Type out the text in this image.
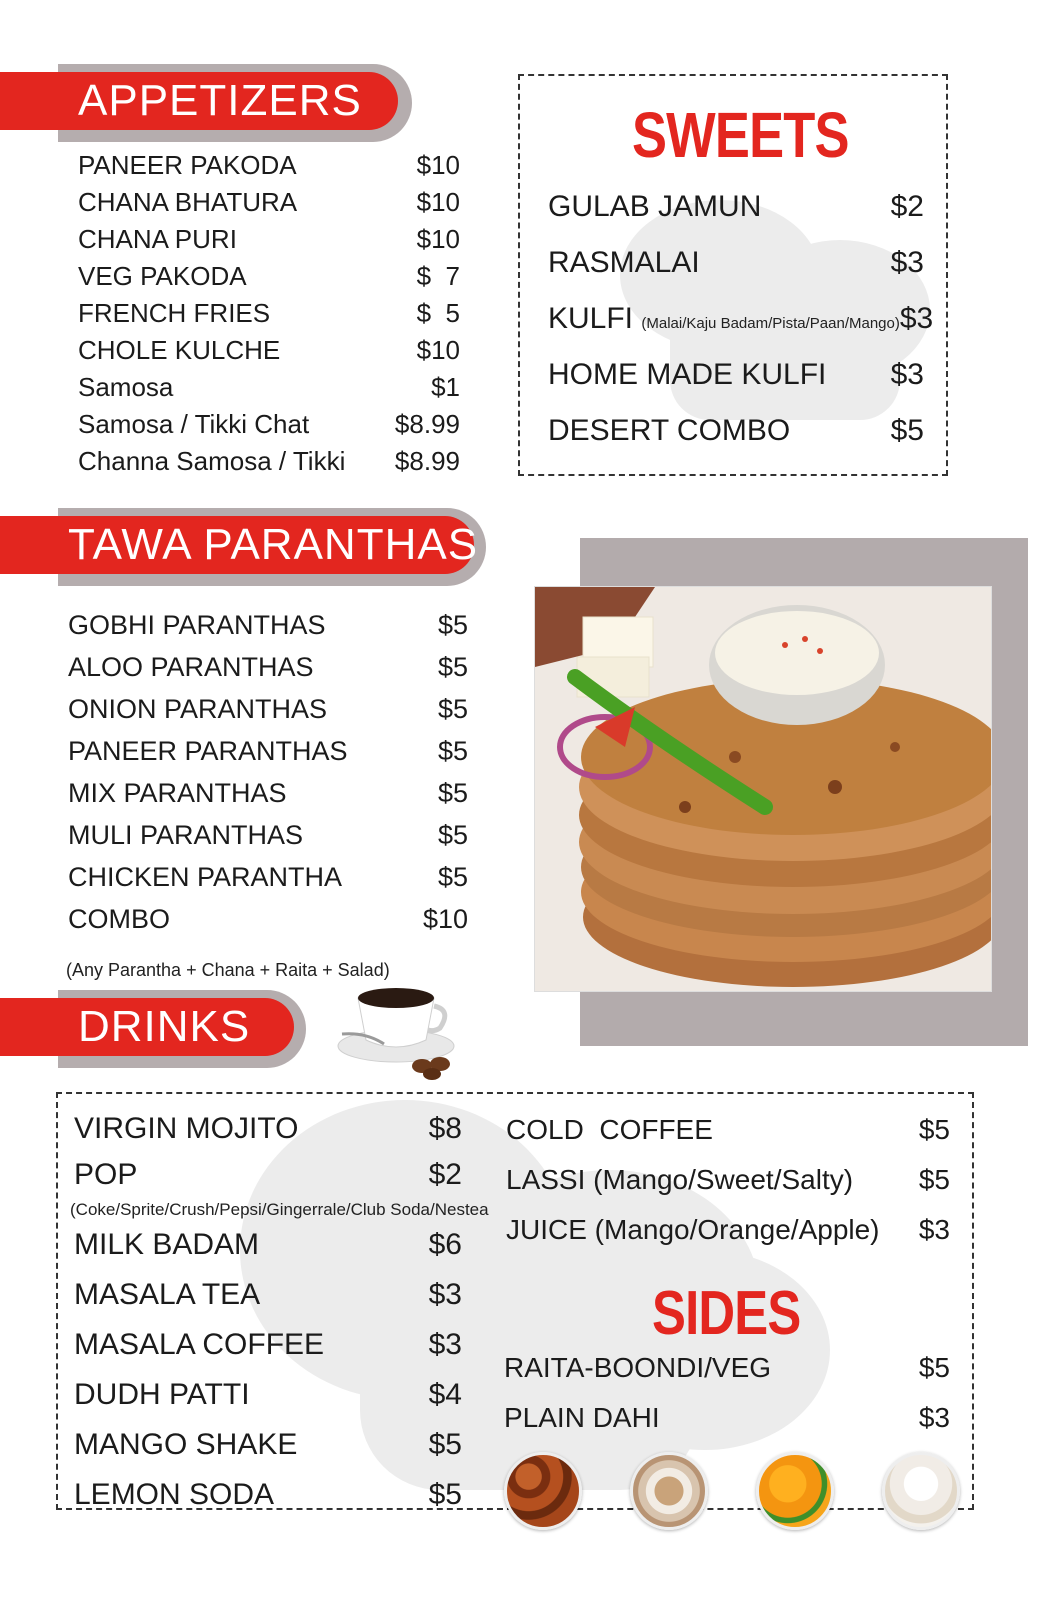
APPETIZERS
PANEER PAKODA	$10
CHANA BHATURA	$10
CHANA PURI	$10
VEG PAKODA	$  7
FRENCH FRIES	$  5
CHOLE KULCHE	$10
Samosa	$1
Samosa / Tikki Chat	$8.99
Channa Samosa / Tikki $8.99
SWEETS
GULAB JAMUN	$2
RASMALAI	$3
KULFI (Malai/Kaju Badam/Pista/Paan/Mango) $3
HOME MADE KULFI $3
DESERT COMBO	$5
TAWA PARANTHAS
GOBHI PARANTHAS	$5
ALOO PARANTHAS	$5
ONION PARANTHAS	$5
PANEER PARANTHAS	$5
MIX PARANTHAS	$5
MULI PARANTHAS	$5
CHICKEN PARANTHA	$5
COMBO	$10
(Any Parantha + Chana + Raita + Salad)
DRINKS
VIRGIN MOJITO	$8
POP	$2
(Coke/Sprite/Crush/Pepsi/Gingerrale/Club Soda/Nestea
MILK BADAM	$6
MASALA TEA	$3
MASALA COFFEE	$3
DUDH PATTI	$4
MANGO SHAKE	$5
LEMON SODA	$5
COLD  COFFEE	$5
LASSI (Mango/Sweet/Salty) $5
JUICE (Mango/Orange/Apple) $3
SIDES
RAITA-BOONDI/VEG	$5
PLAIN DAHI	$3
